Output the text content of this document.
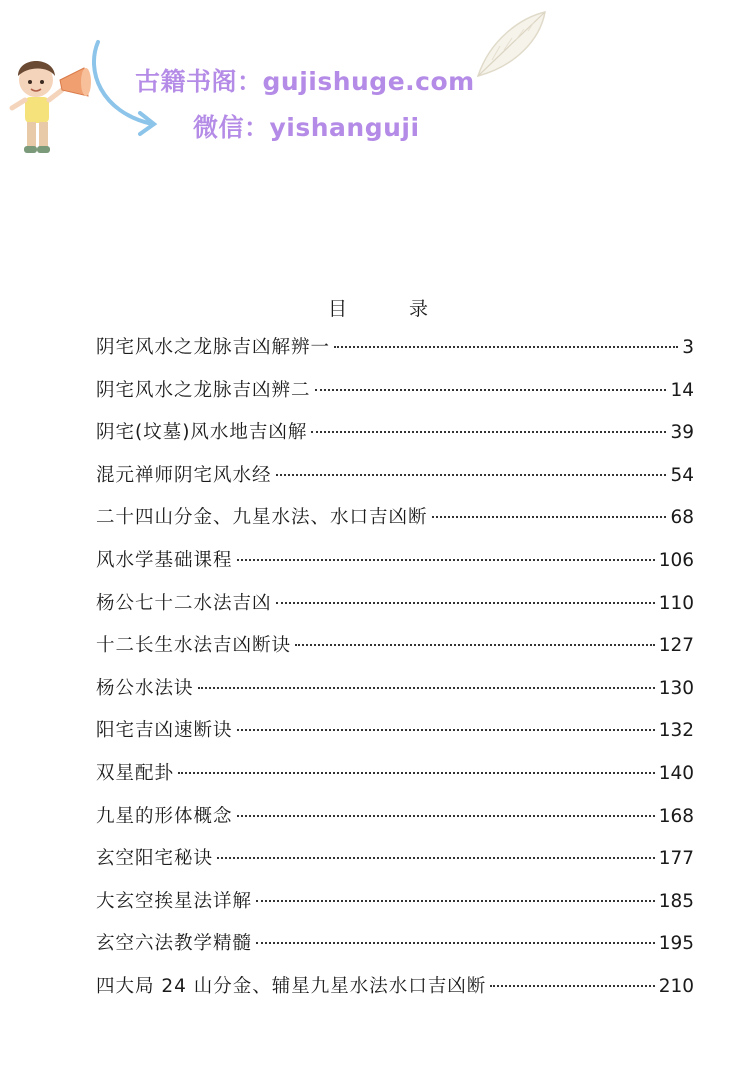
古籍书阁：gujishuge.com
微信：yishanguji
目	录
阴宅风水之龙脉吉凶解辨一	3
阴宅风水之龙脉吉凶辨二	14
阴宅(坟墓)风水地吉凶解	39
混元禅师阴宅风水经	54
二十四山分金、九星水法、水口吉凶断	68
风水学基础课程	106
杨公七十二水法吉凶	110
十二长生水法吉凶断诀	127
杨公水法诀	130
阳宅吉凶速断诀	132
双星配卦	140
九星的形体概念	168
玄空阳宅秘诀	177
大玄空挨星法详解	185
玄空六法教学精髓	195
四大局 24 山分金、辅星九星水法水口吉凶断	210
